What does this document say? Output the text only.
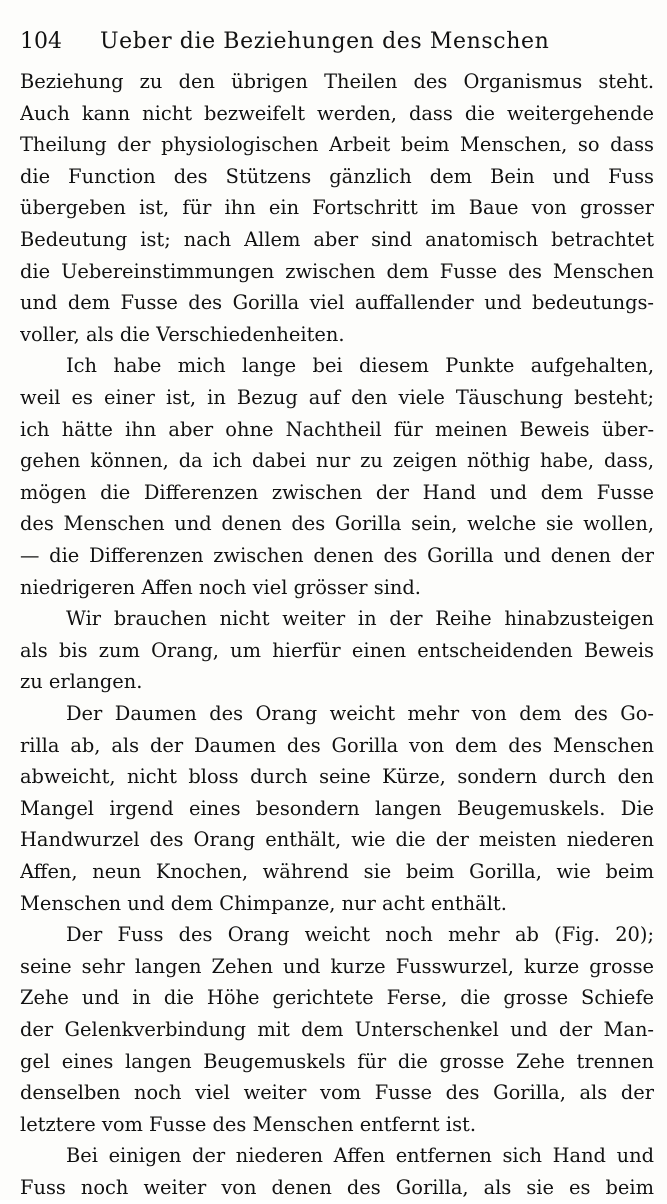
104 Ueber die Beziehungen des Menschen
Beziehung zu den übrigen Theilen des Organismus steht.
Auch kann nicht bezweifelt werden, dass die weitergehende
Theilung der physiologischen Arbeit beim Menschen, so dass
die Function des Stützens gänzlich dem Bein und Fuss
übergeben ist, für ihn ein Fortschritt im Baue von grosser
Bedeutung ist; nach Allem aber sind anatomisch betrachtet
die Uebereinstimmungen zwischen dem Fusse des Menschen
und dem Fusse des Gorilla viel auffallender und bedeutungs-
voller, als die Verschiedenheiten.
Ich habe mich lange bei diesem Punkte aufgehalten,
weil es einer ist, in Bezug auf den viele Täuschung besteht;
ich hätte ihn aber ohne Nachtheil für meinen Beweis über-
gehen können, da ich dabei nur zu zeigen nöthig habe, dass,
mögen die Differenzen zwischen der Hand und dem Fusse
des Menschen und denen des Gorilla sein, welche sie wollen,
— die Differenzen zwischen denen des Gorilla und denen der
niedrigeren Affen noch viel grösser sind.
Wir brauchen nicht weiter in der Reihe hinabzusteigen
als bis zum Orang, um hierfür einen entscheidenden Beweis
zu erlangen.
Der Daumen des Orang weicht mehr von dem des Go-
rilla ab, als der Daumen des Gorilla von dem des Menschen
abweicht, nicht bloss durch seine Kürze, sondern durch den
Mangel irgend eines besondern langen Beugemuskels. Die
Handwurzel des Orang enthält, wie die der meisten niederen
Affen, neun Knochen, während sie beim Gorilla, wie beim
Menschen und dem Chimpanze, nur acht enthält.
Der Fuss des Orang weicht noch mehr ab (Fig. 20);
seine sehr langen Zehen und kurze Fusswurzel, kurze grosse
Zehe und in die Höhe gerichtete Ferse, die grosse Schiefe
der Gelenkverbindung mit dem Unterschenkel und der Man-
gel eines langen Beugemuskels für die grosse Zehe trennen
denselben noch viel weiter vom Fusse des Gorilla, als der
letztere vom Fusse des Menschen entfernt ist.
Bei einigen der niederen Affen entfernen sich Hand und
Fuss noch weiter von denen des Gorilla, als sie es beim
